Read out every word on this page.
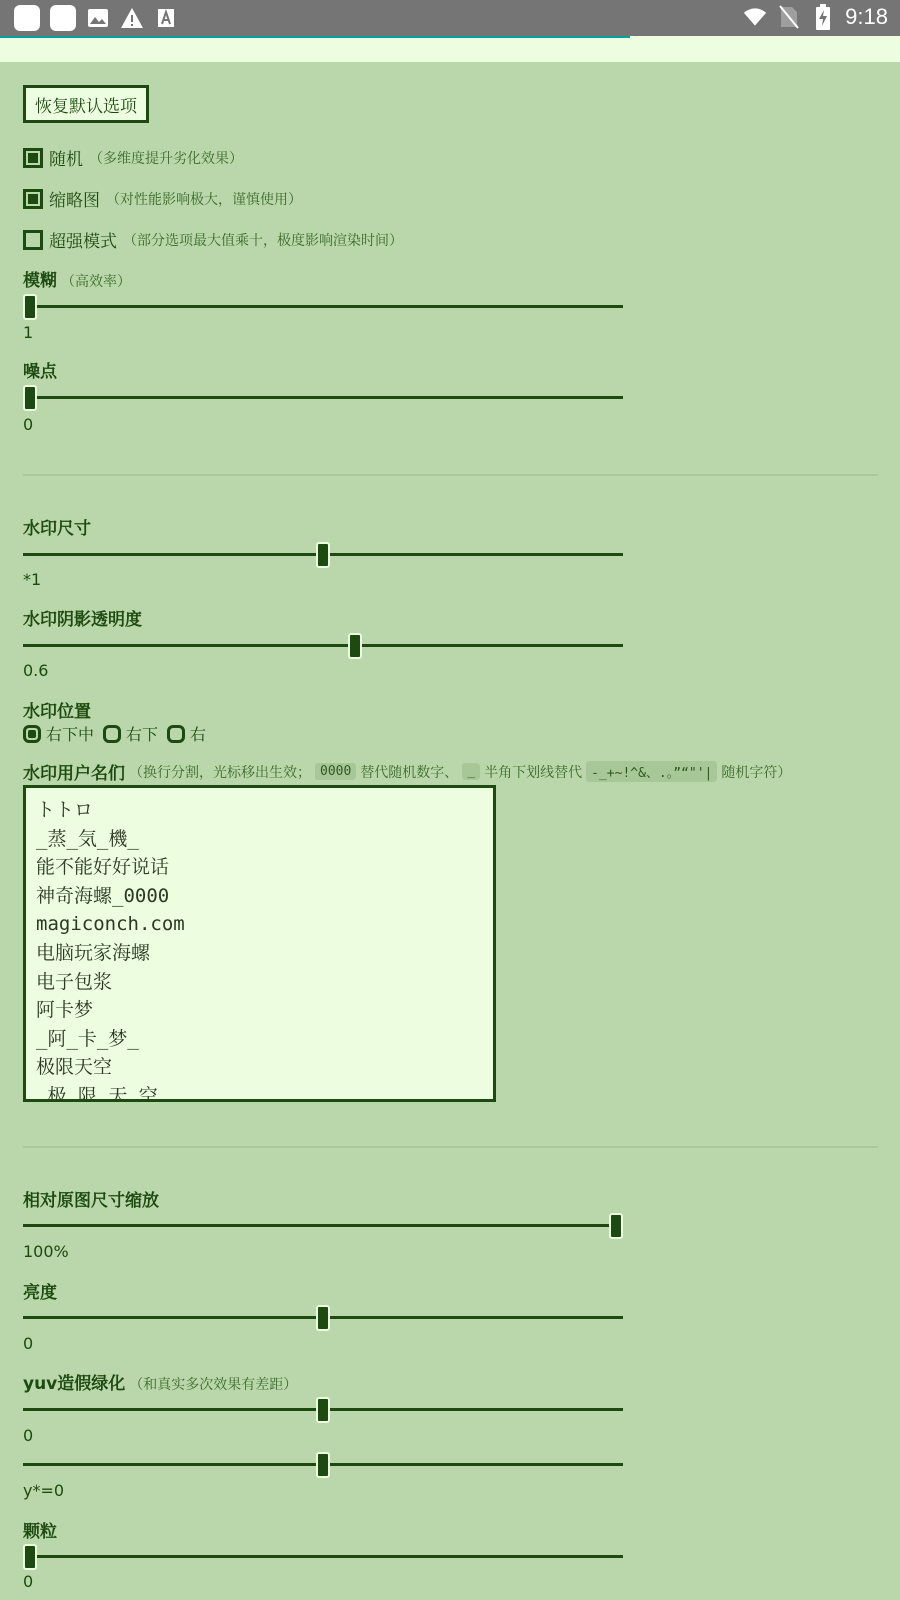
9:18
恢复默认选项
随机 （多维度提升劣化效果）
缩略图 （对性能影响极大，谨慎使用）
超强模式 （部分选项最大值乘十，极度影响渲染时间）
模糊 （高效率）
1
噪点
0
水印尺寸
*1
水印阴影透明度
0.6
水印位置
右下中 右下 右
水印用户名们 （换行分割，光标移出生效； 0000 替代随机数字、 _ 半角下划线替代 -_+~!^&、.。”“"'| 随机字符）
トトロ _蒸_気_機_ 能不能好好说话 神奇海螺_0000 magiconch.com 电脑玩家海螺 电子包浆 阿卡梦 _阿_卡_梦_ 极限天空 _极_限_天_空_
相对原图尺寸缩放
100%
亮度
0
yuv造假绿化 （和真实多次效果有差距）
0
y*=0
颗粒
0
